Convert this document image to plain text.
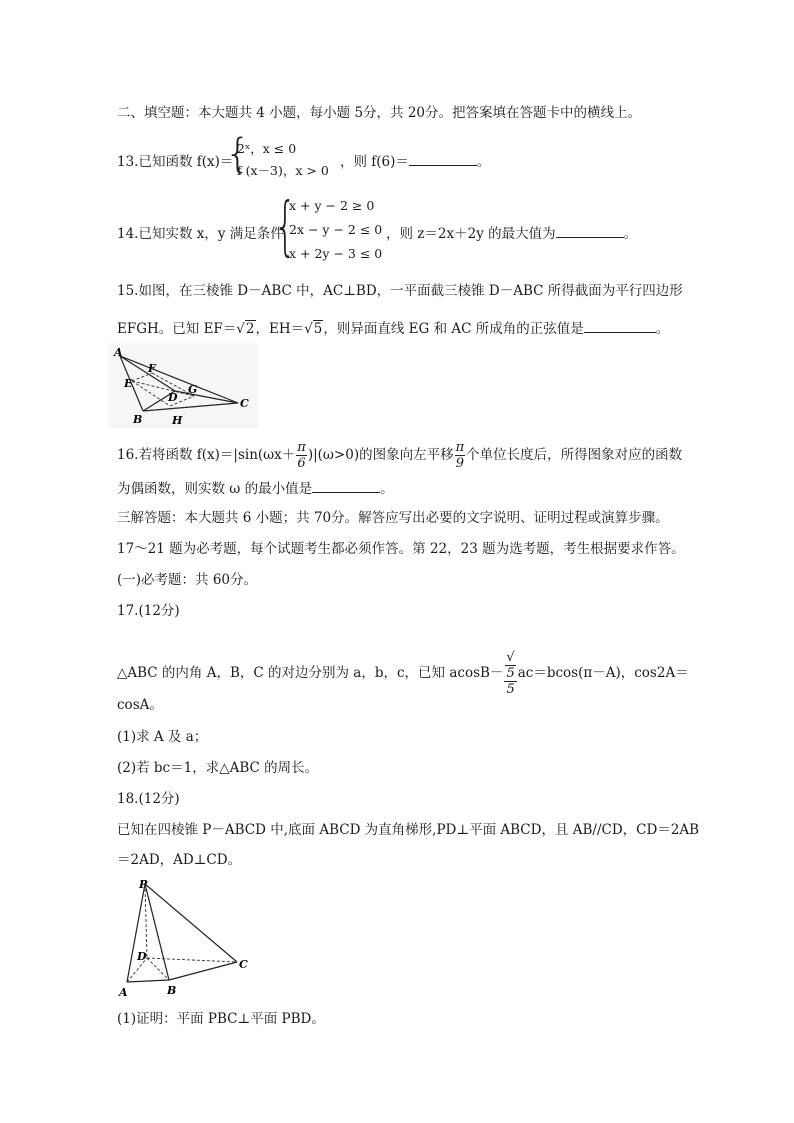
二、填空题：本大题共 4 小题，每小题 5分，共 20分。把答案填在答题卡中的横线上。
13.已知函数 f(x)＝
{
2ˣ，x ≤ 0
f (x－3)，x > 0
，则 f(6)＝	。
14.已知实数 x，y 满足条件
{
x + y − 2 ≥ 0
2x − y − 2 ≤ 0
x + 2y − 3 ≤ 0
，则 z＝2x＋2y 的最大值为	。
15.如图，在三棱锥 D－ABC 中，AC⊥BD，一平面截三棱锥 D－ABC 所得截面为平行四边形
EFGH。已知 EF＝√2，EH＝√5，则异面直线 EG 和 AC 所成角的正弦值是	。
A
F
E	G
D	C
B	H
16.若将函数 $f(x)=|\sin(\omega x+ \frac{\pi}{6} )|(\omega>0)$的图象向左平移 $\frac{\pi}{9}$ 个单位长度后，所得图象对应的函数
为偶函数，则实数 ω 的最小值是	。
三解答题：本大题共 6 小题；共 70分。解答应写出必要的文字说明、证明过程或演算步骤。
17～21 题为必考题，每个试题考生都必须作答。第 22，23 题为选考题，考生根据要求作答。
(一)必考题：共 60分。
17.(12分)
△ABC 的内角 A，B，C 的对边分别为 a，b，c，已知 acosB－ √
5
5 ac＝bcos(π－A)，cos2A＝
cosA。
(1)求 A 及 a；
(2)若 bc＝1，求△ABC 的周长。
18.(12分)
已知在四棱锥 P－ABCD 中,底面 ABCD 为直角梯形,PD⊥平面 ABCD，且 AB//CD，CD＝2AB
＝2AD，AD⊥CD。
P
D
C
A	B
(1)证明：平面 PBC⊥平面 PBD。
